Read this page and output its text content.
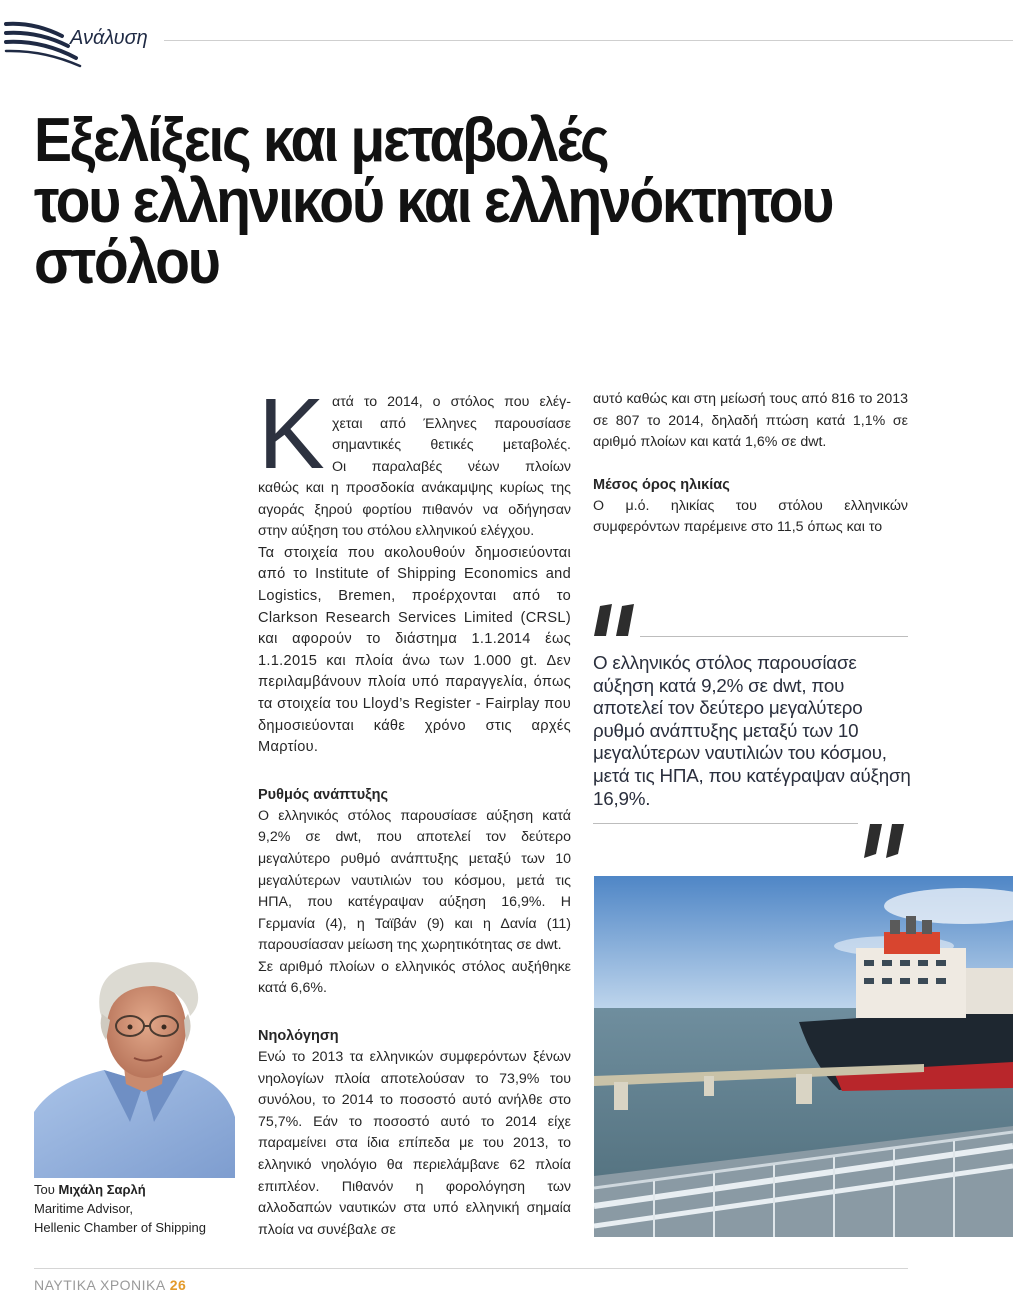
Ανάλυση
Εξελίξεις και μεταβολές
του ελληνικού και ελληνόκτητου
στόλου
Κ ατά το 2014, ο στόλος που ελέγ-
χεται από Έλληνες παρουσίασε
σημαντικές θετικές μεταβολές.
Οι παραλαβές νέων πλοίων

καθώς και η προσδοκία ανάκαμψης κυρίως της αγοράς ξηρού φορτίου πιθανόν να οδήγησαν στην αύξηση του στόλου ελληνικού ελέγχου.

Τα στοιχεία που ακολουθούν δημοσιεύονται από το Institute of Shipping Economics and Logistics, Bremen, προέρχονται από το Clarkson Research Services Limited (CRSL) και αφορούν το διάστημα 1.1.2014 έως 1.1.2015 και πλοία άνω των 1.000 gt. Δεν περιλαμβάνουν πλοία υπό παραγγελία, όπως τα στοιχεία του Lloyd’s Register - Fairplay που δημοσιεύονται κάθε χρόνο στις αρχές Μαρτίου.

Ρυθμός ανάπτυξης

Ο ελληνικός στόλος παρουσίασε αύξηση κατά 9,2% σε dwt, που αποτελεί τον δεύτερο μεγαλύτερο ρυθμό ανάπτυξης μεταξύ των 10 μεγαλύτερων ναυτιλιών του κόσμου, μετά τις ΗΠΑ, που κατέγραψαν αύξηση 16,9%. Η Γερμανία (4), η Ταϊβάν (9) και η Δανία (11) παρουσίασαν μείωση της χωρητικότητας σε dwt.

Σε αριθμό πλοίων ο ελληνικός στόλος αυξήθηκε κατά 6,6%.

Νηολόγηση

Ενώ το 2013 τα ελληνικών συμφερόντων ξένων νηολογίων πλοία αποτελούσαν το 73,9% του συνόλου, το 2014 το ποσοστό αυτό ανήλθε στο 75,7%. Εάν το ποσοστό αυτό το 2014 είχε παραμείνει στα ίδια επίπεδα με του 2013, το ελληνικό νηολόγιο θα περιελάμβανε 62 πλοία επιπλέον. Πιθανόν η φορολόγηση των αλλοδαπών ναυτικών στα υπό ελληνική σημαία πλοία να συνέβαλε σε

αυτό καθώς και στη μείωσή τους από 816 το 2013 σε 807 το 2014, δηλαδή πτώση κατά 1,1% σε αριθμό πλοίων και κατά 1,6% σε dwt.

Μέσος όρος ηλικίας

Ο μ.ό. ηλικίας του στόλου ελληνικών συμφερόντων παρέμεινε στο 11,5 όπως και το

Ο ελληνικός στόλος παρουσίασε αύξηση κατά 9,2% σε dwt, που αποτελεί τον δεύτερο μεγαλύτερο ρυθμό ανάπτυξης μεταξύ των 10 μεγαλύτερων ναυτιλιών του κόσμου, μετά τις ΗΠΑ, που κατέγραψαν αύξηση 16,9%.

Του Μιχάλη Σαρλή
Maritime Advisor,
Hellenic Chamber of Shipping
ΝΑΥΤΙΚΑ ΧΡΟΝΙΚΑ 26
